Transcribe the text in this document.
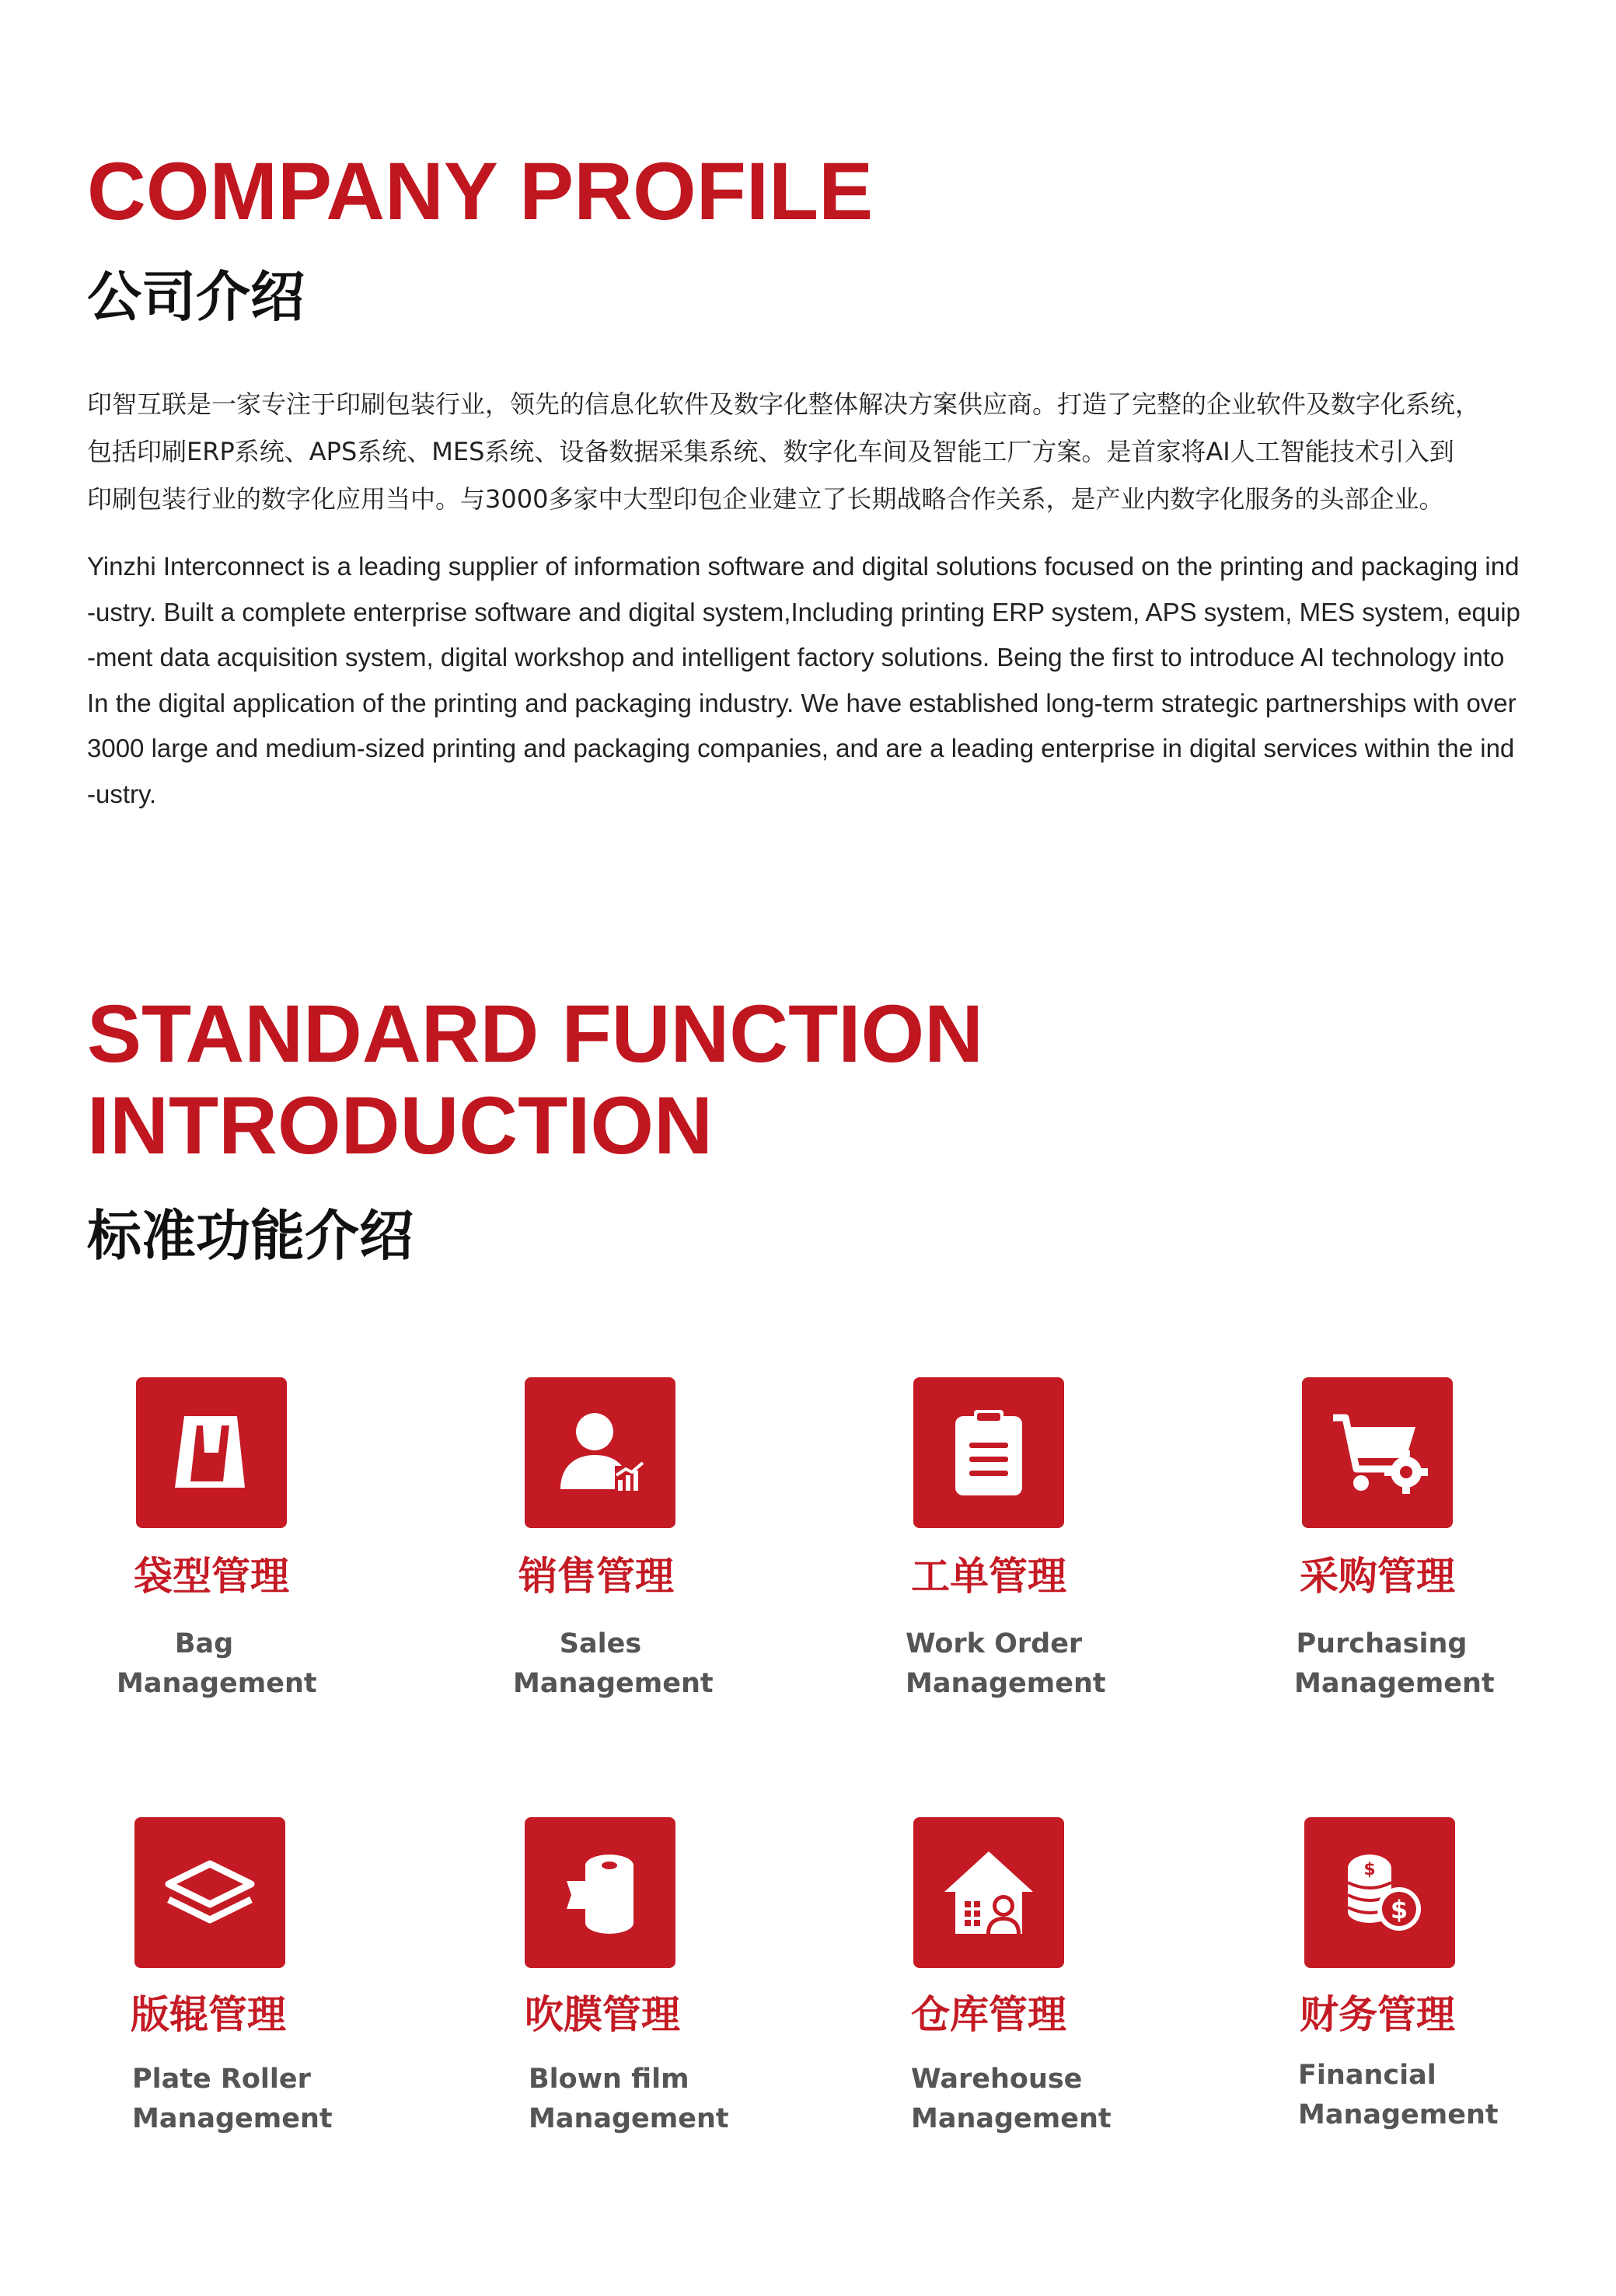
COMPANY PROFILE
公司介绍

印智互联是一家专注于印刷包装行业，领先的信息化软件及数字化整体解决方案供应商。打造了完整的企业软件及数字化系统，

包括印刷ERP系统、APS系统、MES系统、设备数据采集系统、数字化车间及智能工厂方案。是首家将AI人工智能技术引入到

印刷包装行业的数字化应用当中。与3000多家中大型印包企业建立了长期战略合作关系，是产业内数字化服务的头部企业。

Yinzhi Interconnect is a leading supplier of information software and digital solutions focused on the printing and packaging ind

-ustry. Built a complete enterprise software and digital system,Including printing ERP system, APS system, MES system, equip

-ment data acquisition system, digital workshop and intelligent factory solutions. Being the first to introduce AI technology into

In the digital application of the printing and packaging industry. We have established long-term strategic partnerships with over

3000 large and medium-sized printing and packaging companies, and are a leading enterprise in digital services within the ind

-ustry.

STANDARD FUNCTION
INTRODUCTION
标准功能介绍
袋型管理
Bag
Management
销售管理
Sales
Management
工单管理
Work Order
Management
采购管理
Purchasing
Management
版辊管理
Plate Roller
Management
吹膜管理
Blown film
Management
仓库管理
Warehouse
Management
$
$
财务管理
Financial
Management
